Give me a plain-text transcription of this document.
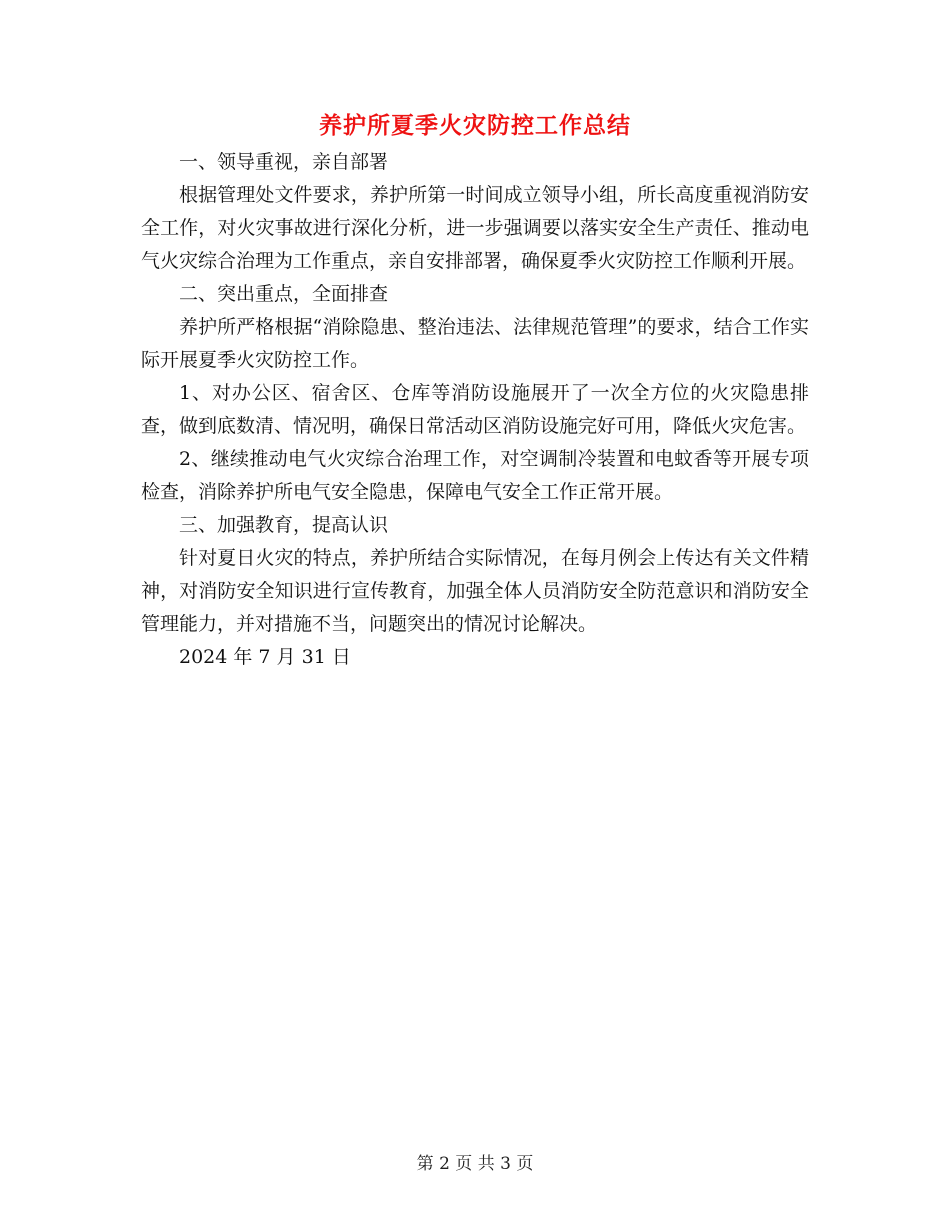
养护所夏季火灾防控工作总结

一、领导重视，亲自部署

根据管理处文件要求，养护所第一时间成立领导小组，所长高度重视消防安全工作，对火灾事故进行深化分析，进一步强调要以落实安全生产责任、推动电气火灾综合治理为工作重点，亲自安排部署，确保夏季火灾防控工作顺利开展。

二、突出重点，全面排查

养护所严格根据“消除隐患、整治违法、法律规范管理”的要求，结合工作实际开展夏季火灾防控工作。

1、对办公区、宿舍区、仓库等消防设施展开了一次全方位的火灾隐患排查，做到底数清、情况明，确保日常活动区消防设施完好可用，降低火灾危害。

2、继续推动电气火灾综合治理工作，对空调制冷装置和电蚊香等开展专项检查，消除养护所电气安全隐患，保障电气安全工作正常开展。

三、加强教育，提高认识

针对夏日火灾的特点，养护所结合实际情况，在每月例会上传达有关文件精神，对消防安全知识进行宣传教育，加强全体人员消防安全防范意识和消防安全管理能力，并对措施不当，问题突出的情况讨论解决。

2024 年 7 月 31 日

第 2 页 共 3 页
